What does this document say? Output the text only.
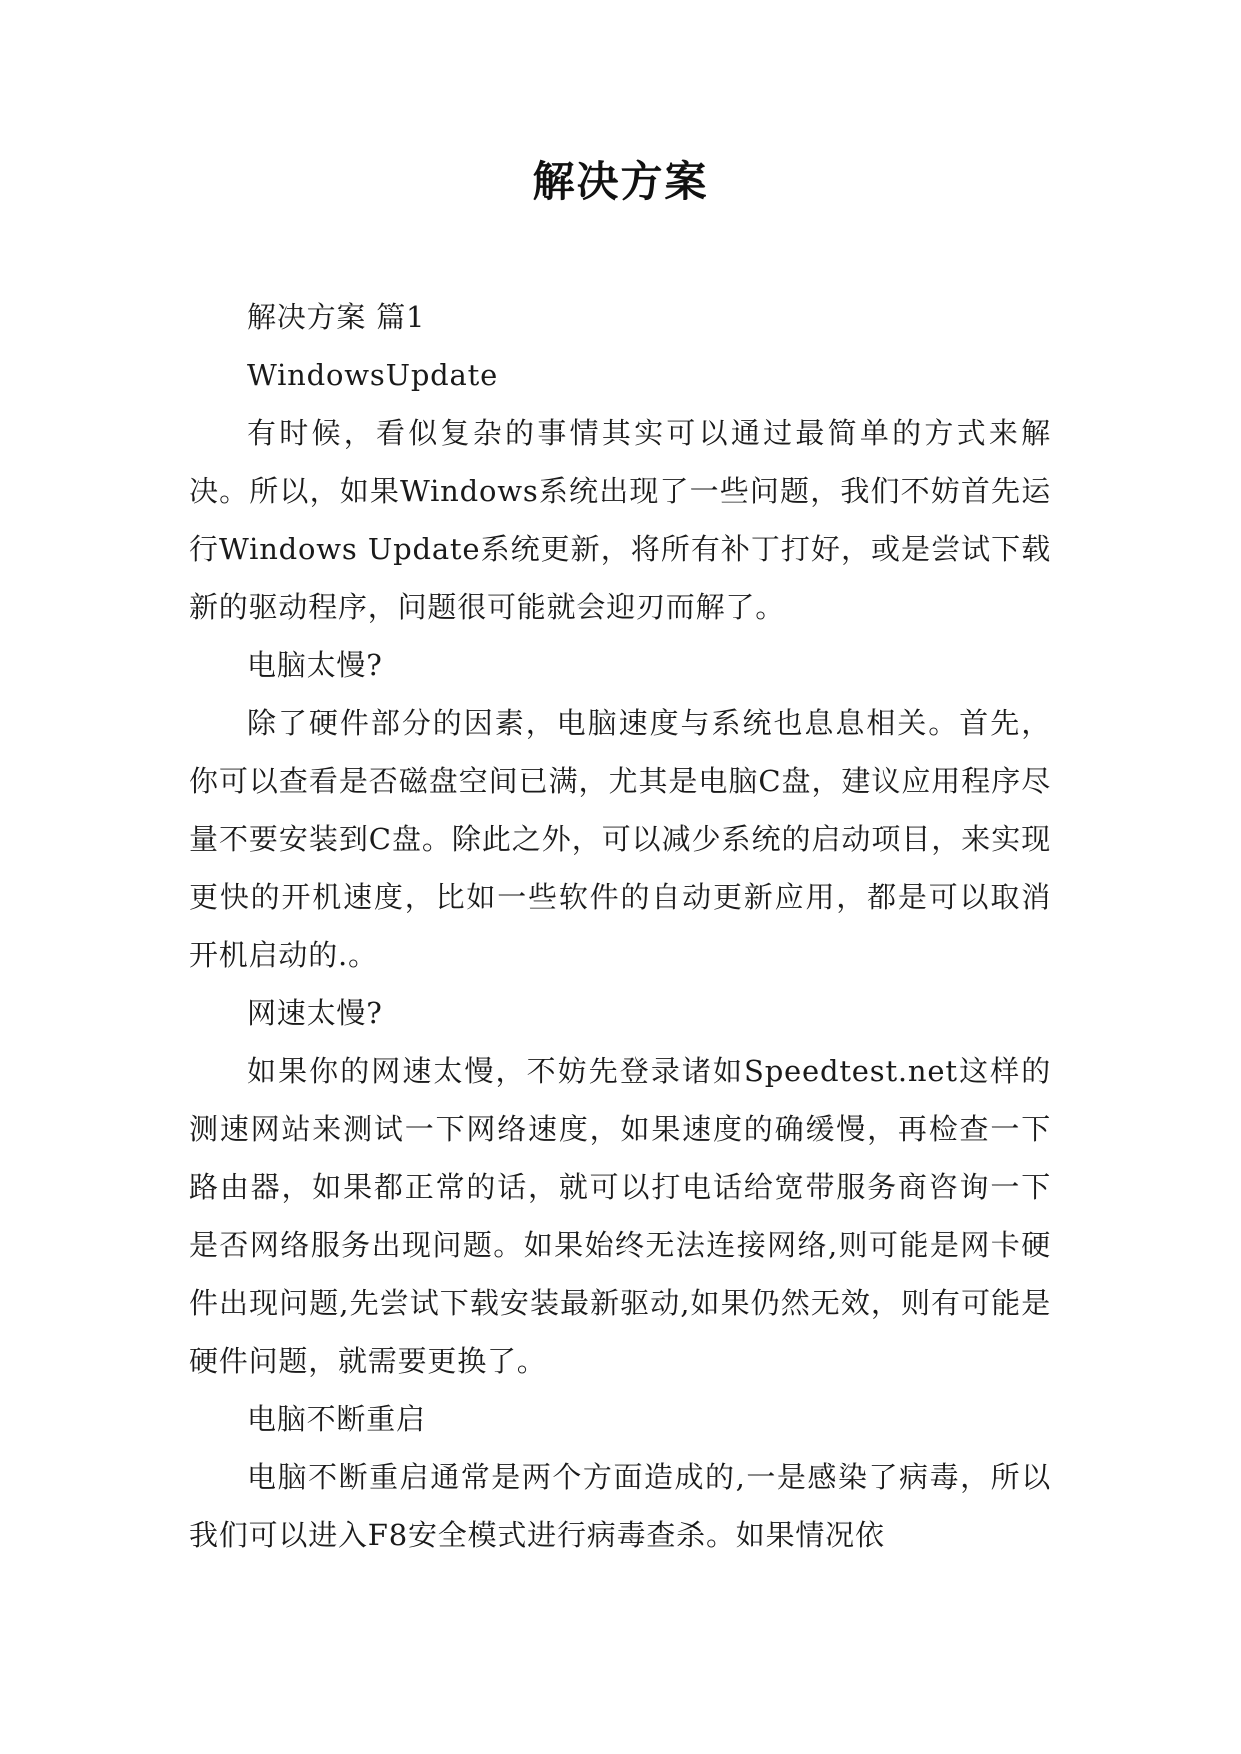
解决方案

解决方案 篇1

WindowsUpdate

有时候，看似复杂的事情其实可以通过最简单的方式来解决。所以，如果Windows系统出现了一些问题，我们不妨首先运行Windows Update系统更新，将所有补丁打好，或是尝试下载新的驱动程序，问题很可能就会迎刃而解了。

电脑太慢?

除了硬件部分的因素，电脑速度与系统也息息相关。首先，你可以查看是否磁盘空间已满，尤其是电脑C盘，建议应用程序尽量不要安装到C盘。除此之外，可以减少系统的启动项目，来实现更快的开机速度，比如一些软件的自动更新应用，都是可以取消开机启动的.。

网速太慢?

如果你的网速太慢，不妨先登录诸如Speedtest.net这样的测速网站来测试一下网络速度，如果速度的确缓慢，再检查一下路由器，如果都正常的话，就可以打电话给宽带服务商咨询一下是否网络服务出现问题。如果始终无法连接网络,则可能是网卡硬件出现问题,先尝试下载安装最新驱动,如果仍然无效，则有可能是硬件问题，就需要更换了。

电脑不断重启

电脑不断重启通常是两个方面造成的,一是感染了病毒，所以我们可以进入F8安全模式进行病毒查杀。如果情况依
